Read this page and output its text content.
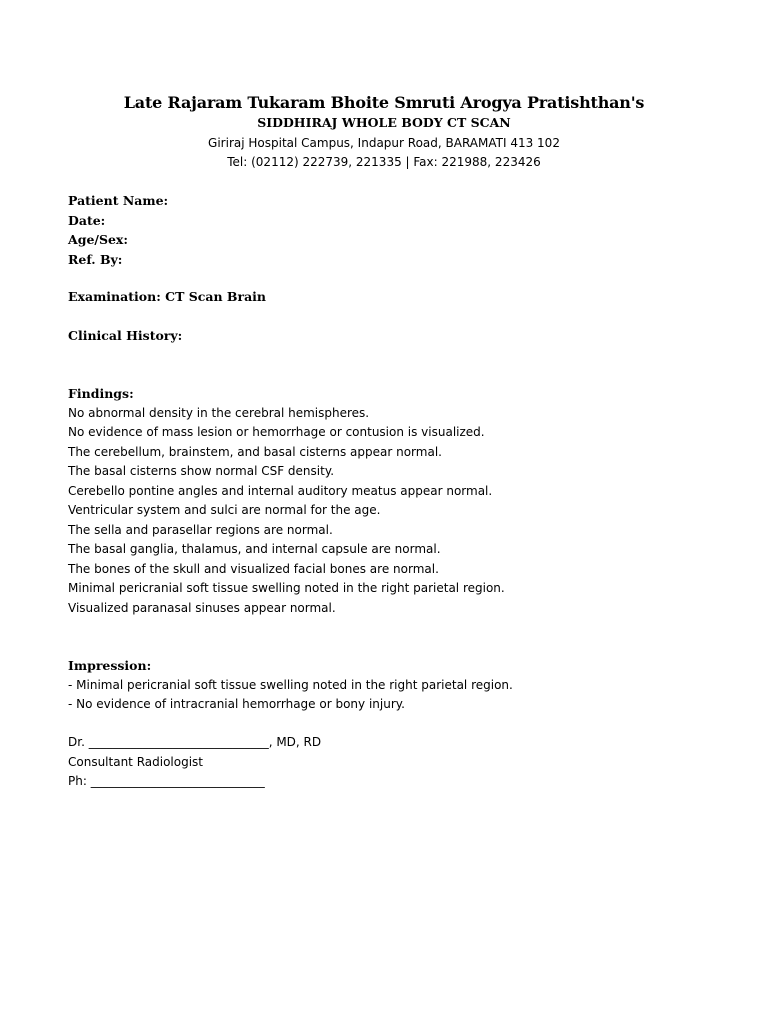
Late Rajaram Tukaram Bhoite Smruti Arogya Pratishthan's
SIDDHIRAJ WHOLE BODY CT SCAN
Giriraj Hospital Campus, Indapur Road, BARAMATI 413 102
Tel: (02112) 222739, 221335 | Fax: 221988, 223426
Patient Name:
Date:
Age/Sex:
Ref. By:
Examination: CT Scan Brain
Clinical History:
Findings:
No abnormal density in the cerebral hemispheres.
No evidence of mass lesion or hemorrhage or contusion is visualized.
The cerebellum, brainstem, and basal cisterns appear normal.
The basal cisterns show normal CSF density.
Cerebello pontine angles and internal auditory meatus appear normal.
Ventricular system and sulci are normal for the age.
The sella and parasellar regions are normal.
The basal ganglia, thalamus, and internal capsule are normal.
The bones of the skull and visualized facial bones are normal.
Minimal pericranial soft tissue swelling noted in the right parietal region.
Visualized paranasal sinuses appear normal.
Impression:
- Minimal pericranial soft tissue swelling noted in the right parietal region.
- No evidence of intracranial hemorrhage or bony injury.
Dr. ______________________________, MD, RD
Consultant Radiologist
Ph: _____________________________
